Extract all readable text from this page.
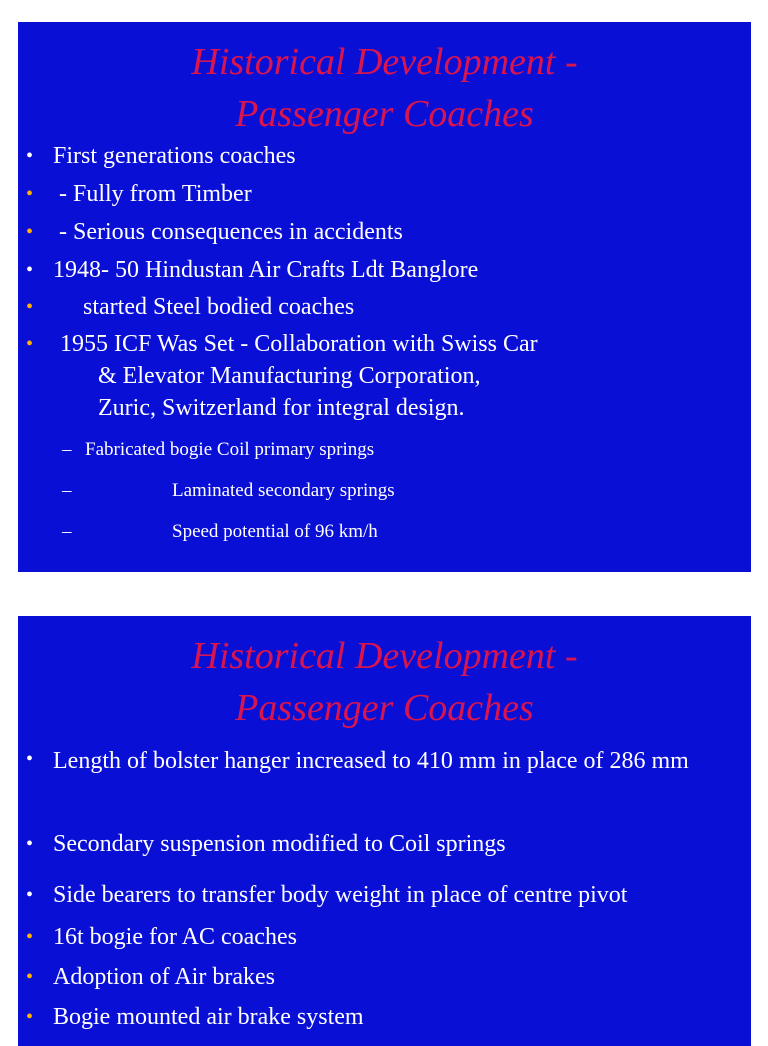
Historical Development -
Passenger Coaches
• First generations coaches
• - Fully from Timber
• - Serious consequences in accidents
• 1948- 50 Hindustan Air Crafts Ldt Banglore
• started Steel bodied coaches
• 1955 ICF Was Set - Collaboration with Swiss Car
& Elevator Manufacturing Corporation,
Zuric, Switzerland for integral design.
– Fabricated bogie Coil primary springs
–	Laminated secondary springs
–	Speed potential of 96 km/h
Historical Development -
Passenger Coaches
• Length of bolster hanger increased to 410 mm in place of 286 mm
• Secondary suspension modified to Coil springs
• Side bearers to transfer body weight in place of centre pivot
• 16t bogie for AC coaches
• Adoption of Air brakes
• Bogie mounted air brake system
